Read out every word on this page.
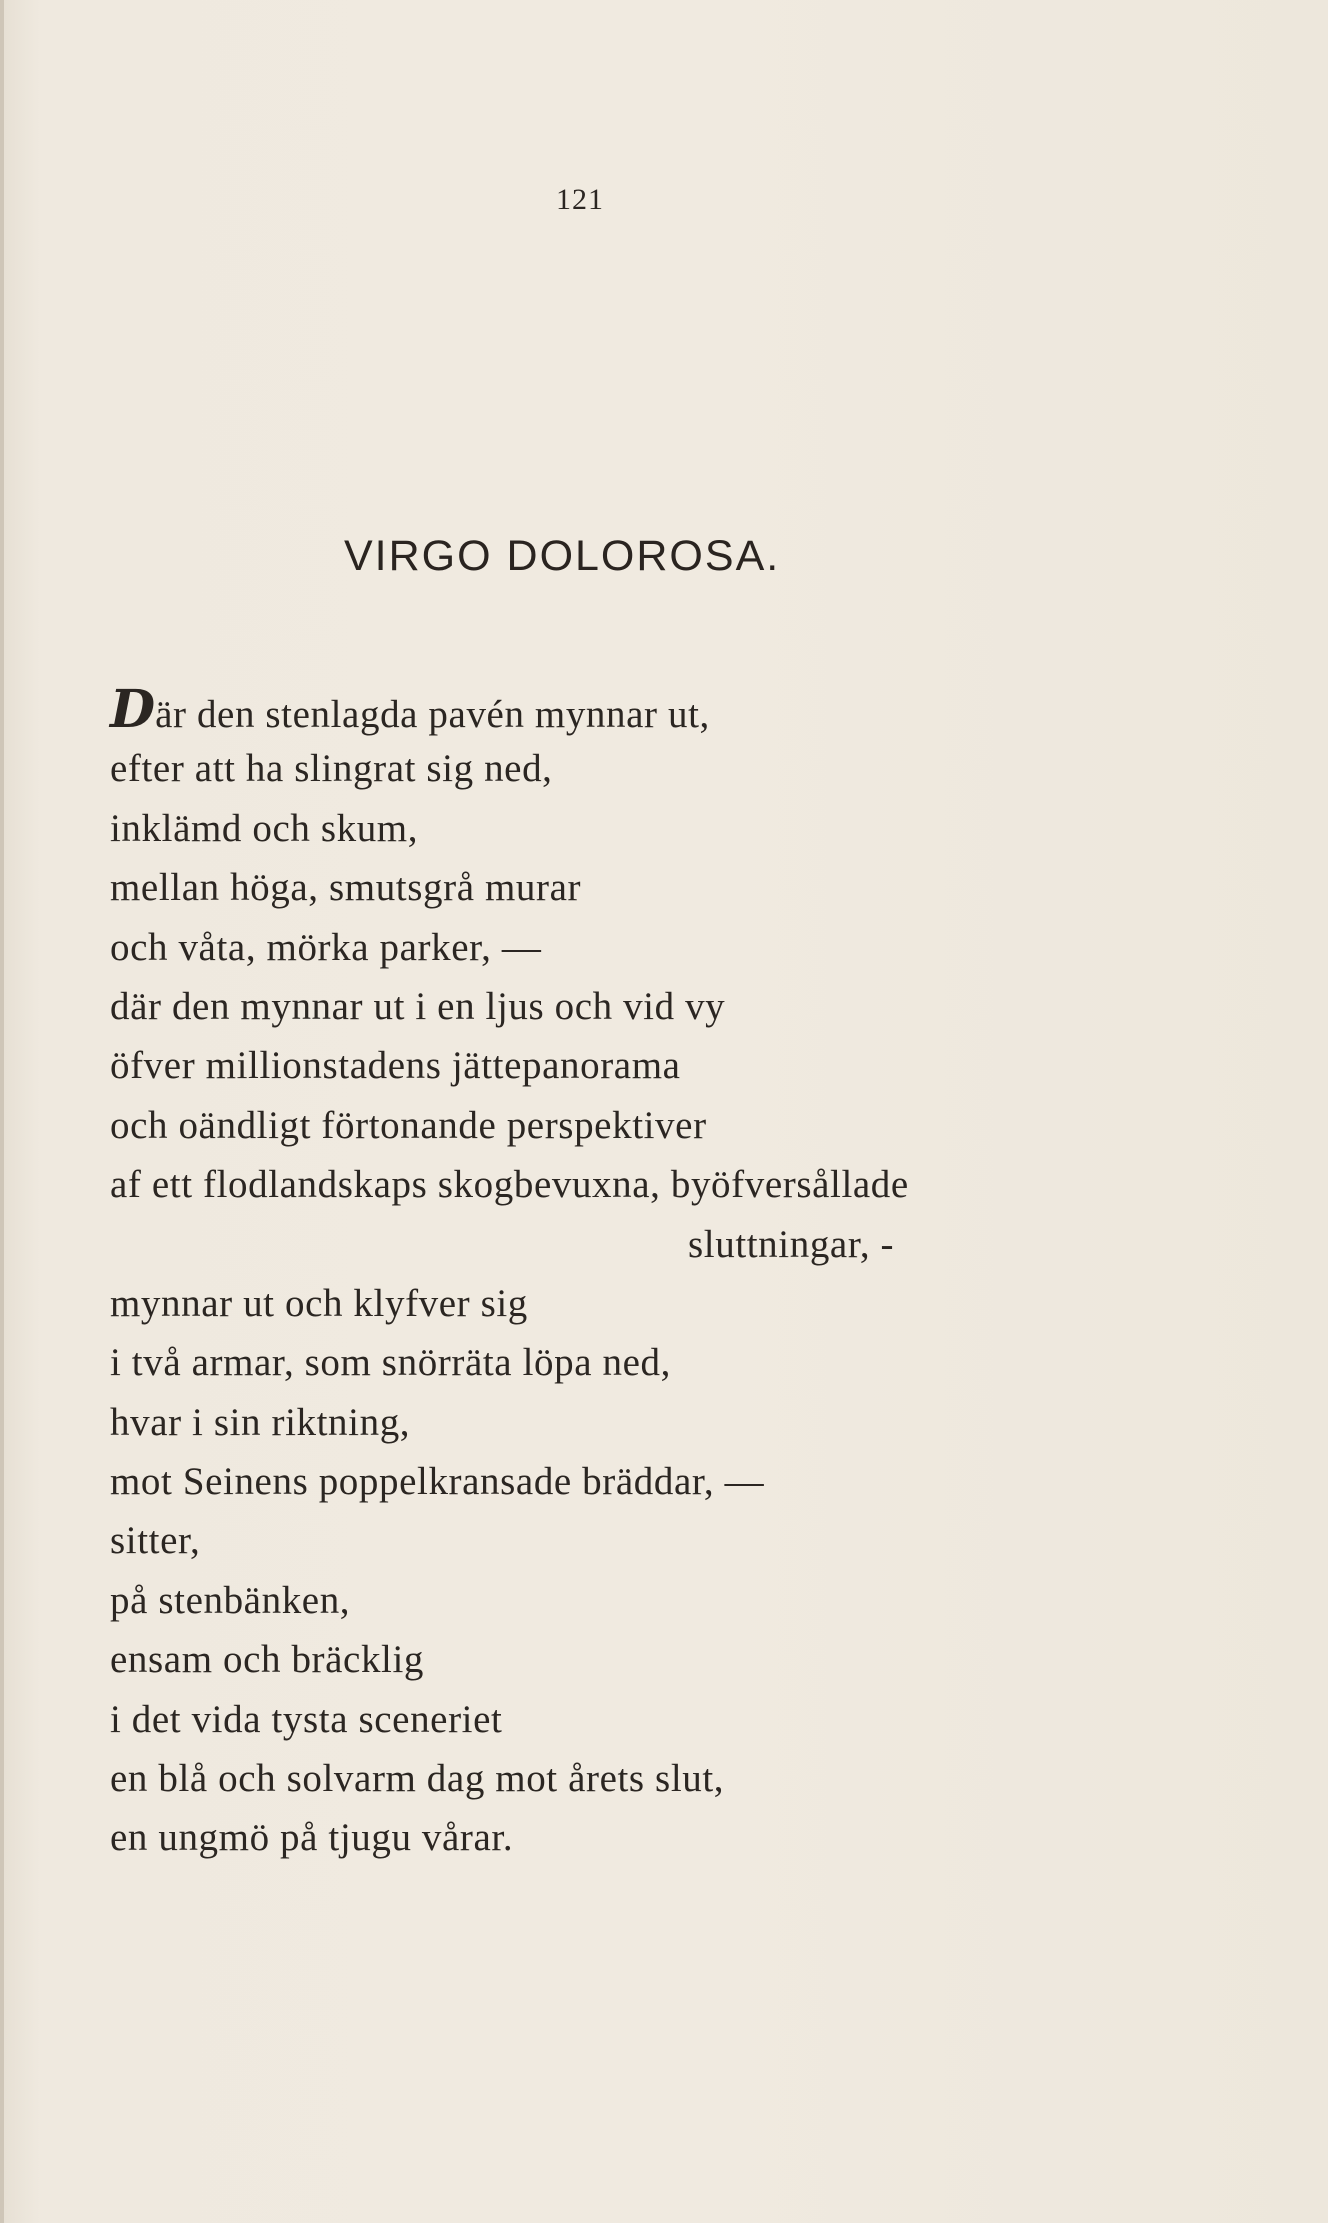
121
VIRGO DOLOROSA.
Där den stenlagda pavén mynnar ut,
efter att ha slingrat sig ned,
inklämd och skum,
mellan höga, smutsgrå murar
och våta, mörka parker, —
där den mynnar ut i en ljus och vid vy
öfver millionstadens jättepanorama
och oändligt förtonande perspektiver
af ett flodlandskaps skogbevuxna, byöfversållade
sluttningar, -
mynnar ut och klyfver sig
i två armar, som snörräta löpa ned,
hvar i sin riktning,
mot Seinens poppelkransade bräddar, —
sitter,
på stenbänken,
ensam och bräcklig
i det vida tysta sceneriet
en blå och solvarm dag mot årets slut,
en ungmö på tjugu vårar.
